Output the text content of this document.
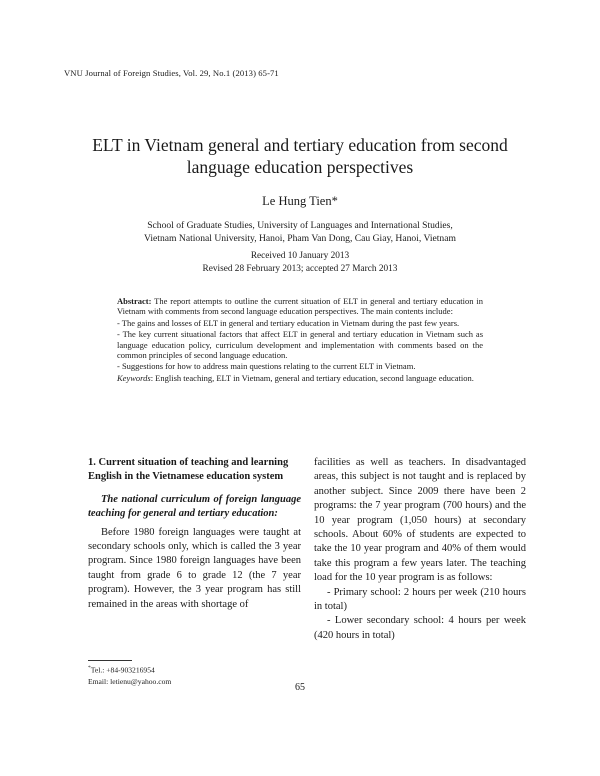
VNU Journal of Foreign Studies, Vol. 29, No.1 (2013) 65-71
ELT in Vietnam general and tertiary education from second
language education perspectives
Le Hung Tien*
School of Graduate Studies, University of Languages and International Studies,
Vietnam National University, Hanoi, Pham Van Dong, Cau Giay, Hanoi, Vietnam
Received 10 January 2013
Revised 28 February 2013; accepted 27 March 2013

Abstract: The report attempts to outline the current situation of ELT in general and tertiary education in Vietnam with comments from second language education perspectives. The main contents include:

- The gains and losses of ELT in general and tertiary education in Vietnam during the past few years.

- The key current situational factors that affect ELT in general and tertiary education in Vietnam such as language education policy, curriculum development and implementation with comments based on the common principles of second language education.

- Suggestions for how to address main questions relating to the current ELT in Vietnam.

Keywords: English teaching, ELT in Vietnam, general and tertiary education, second language education.

1. Current situation of teaching and learning English in the Vietnamese education system

The national curriculum of foreign language teaching for general and tertiary education:

Before 1980 foreign languages were taught at secondary schools only, which is called the 3 year program. Since 1980 foreign languages have been taught from grade 6 to grade 12 (the 7 year program). However, the 3 year program has still remained in the areas with shortage of

facilities as well as teachers. In disadvantaged areas, this subject is not taught and is replaced by another subject. Since 2009 there have been 2 programs: the 7 year program (700 hours) and the 10 year program (1,050 hours) at secondary schools. About 60% of students are expected to take the 10 year program and 40% of them would take this program a few years later. The teaching load for the 10 year program is as follows:

- Primary school: 2 hours per week (210 hours in total)

- Lower secondary school: 4 hours per week (420 hours in total)

*Tel.: +84-903216954
Email: letienu@yahoo.com
65
